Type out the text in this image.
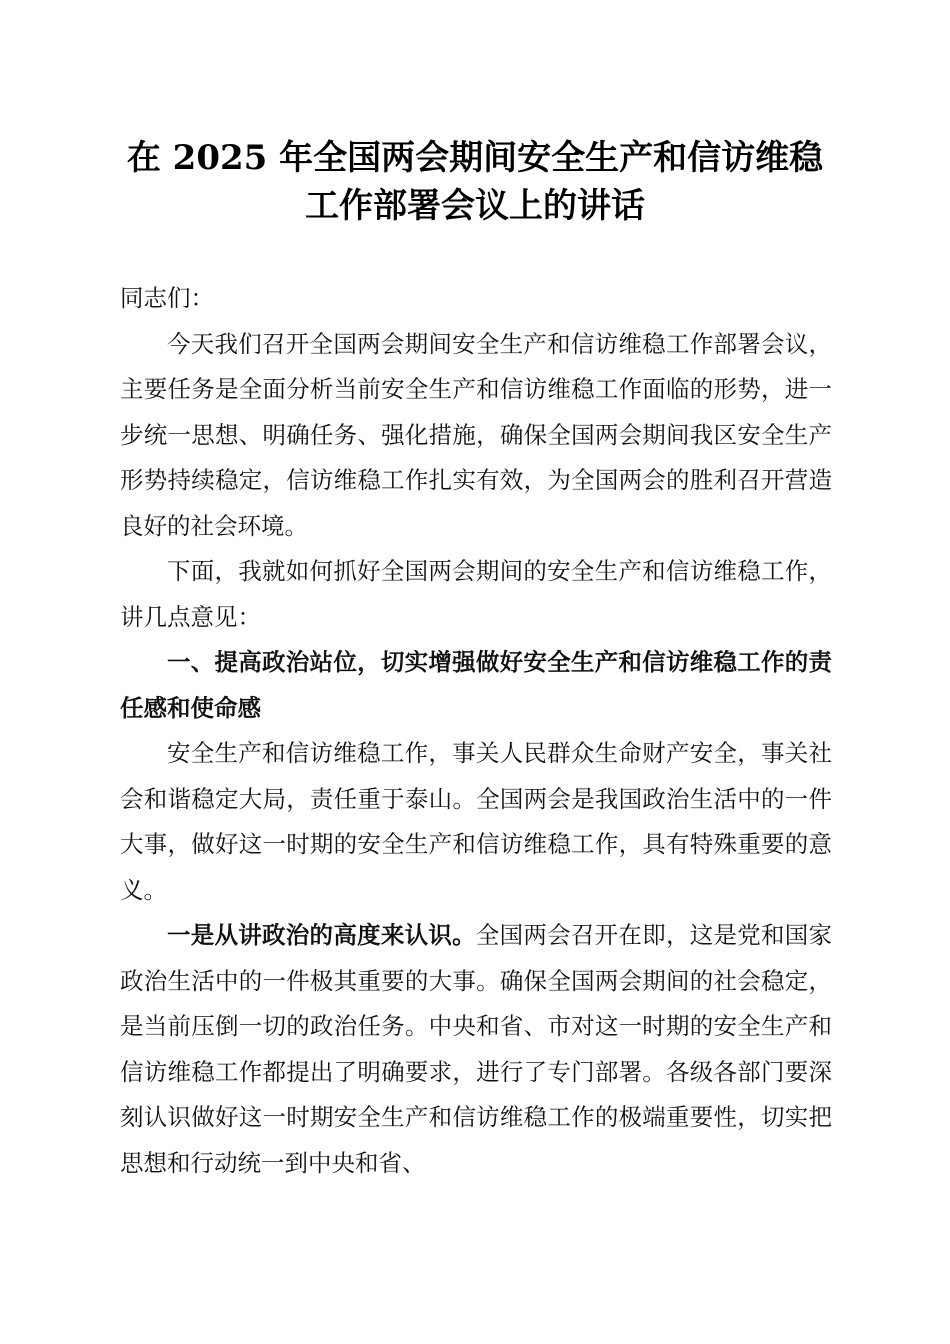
在 2025 年全国两会期间安全生产和信访维稳
工作部署会议上的讲话

同志们：

今天我们召开全国两会期间安全生产和信访维稳工作部署会议，主要任务是全面分析当前安全生产和信访维稳工作面临的形势，进一步统一思想、明确任务、强化措施，确保全国两会期间我区安全生产形势持续稳定，信访维稳工作扎实有效，为全国两会的胜利召开营造良好的社会环境。

下面，我就如何抓好全国两会期间的安全生产和信访维稳工作，讲几点意见：

一、提高政治站位，切实增强做好安全生产和信访维稳工作的责任感和使命感

安全生产和信访维稳工作，事关人民群众生命财产安全，事关社会和谐稳定大局，责任重于泰山。全国两会是我国政治生活中的一件大事，做好这一时期的安全生产和信访维稳工作，具有特殊重要的意义。

一是从讲政治的高度来认识。全国两会召开在即，这是党和国家政治生活中的一件极其重要的大事。确保全国两会期间的社会稳定，是当前压倒一切的政治任务。中央和省、市对这一时期的安全生产和信访维稳工作都提出了明确要求，进行了专门部署。各级各部门要深刻认识做好这一时期安全生产和信访维稳工作的极端重要性，切实把思想和行动统一到中央和省、
